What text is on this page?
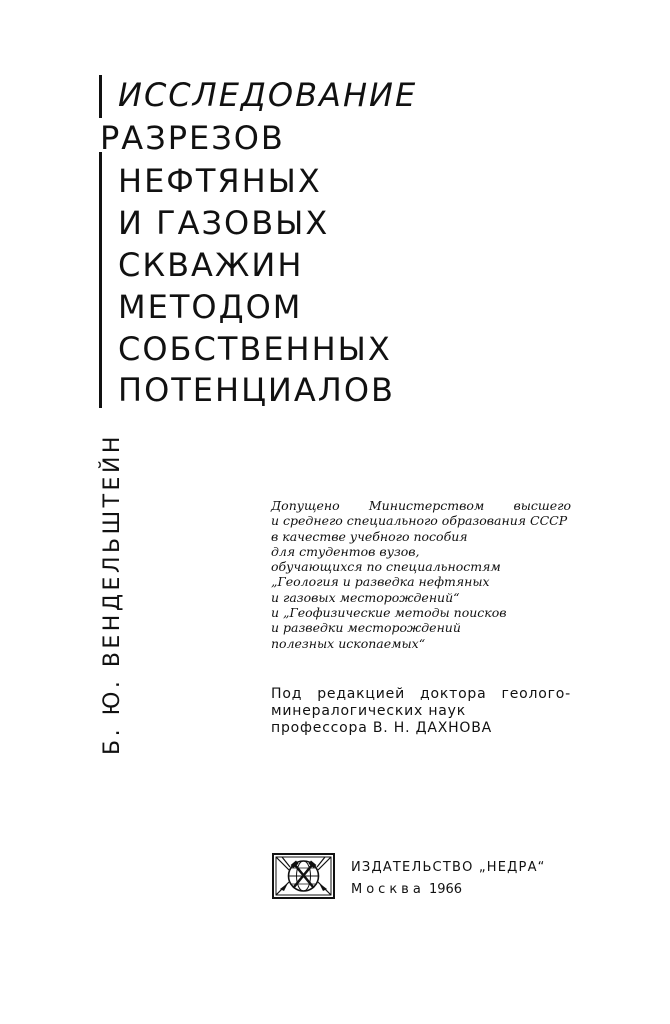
ИССЛЕДОВАНИЕ
РАЗРЕЗОВ
НЕФТЯНЫХ
И ГАЗОВЫХ
СКВАЖИН
МЕТОДОМ
СОБСТВЕННЫХ
ПОТЕНЦИАЛОВ
Б. Ю. ВЕНДЕЛЬШТЕЙН	Допущено Министерством высшего
и среднего специального образования СССР
в качестве учебного пособия
для студентов вузов,
обучающихся по специальностям
„Геология и разведка нефтяных
и газовых месторождений“
и „Геофизические методы поисков
и разведки месторождений
полезных ископаемых“
Под редакцией доктора геолого-
минералогических наук
профессора В. Н. ДАХНОВА
ИЗДАТЕЛЬСТВО „НЕДРА“
Москва 1966
